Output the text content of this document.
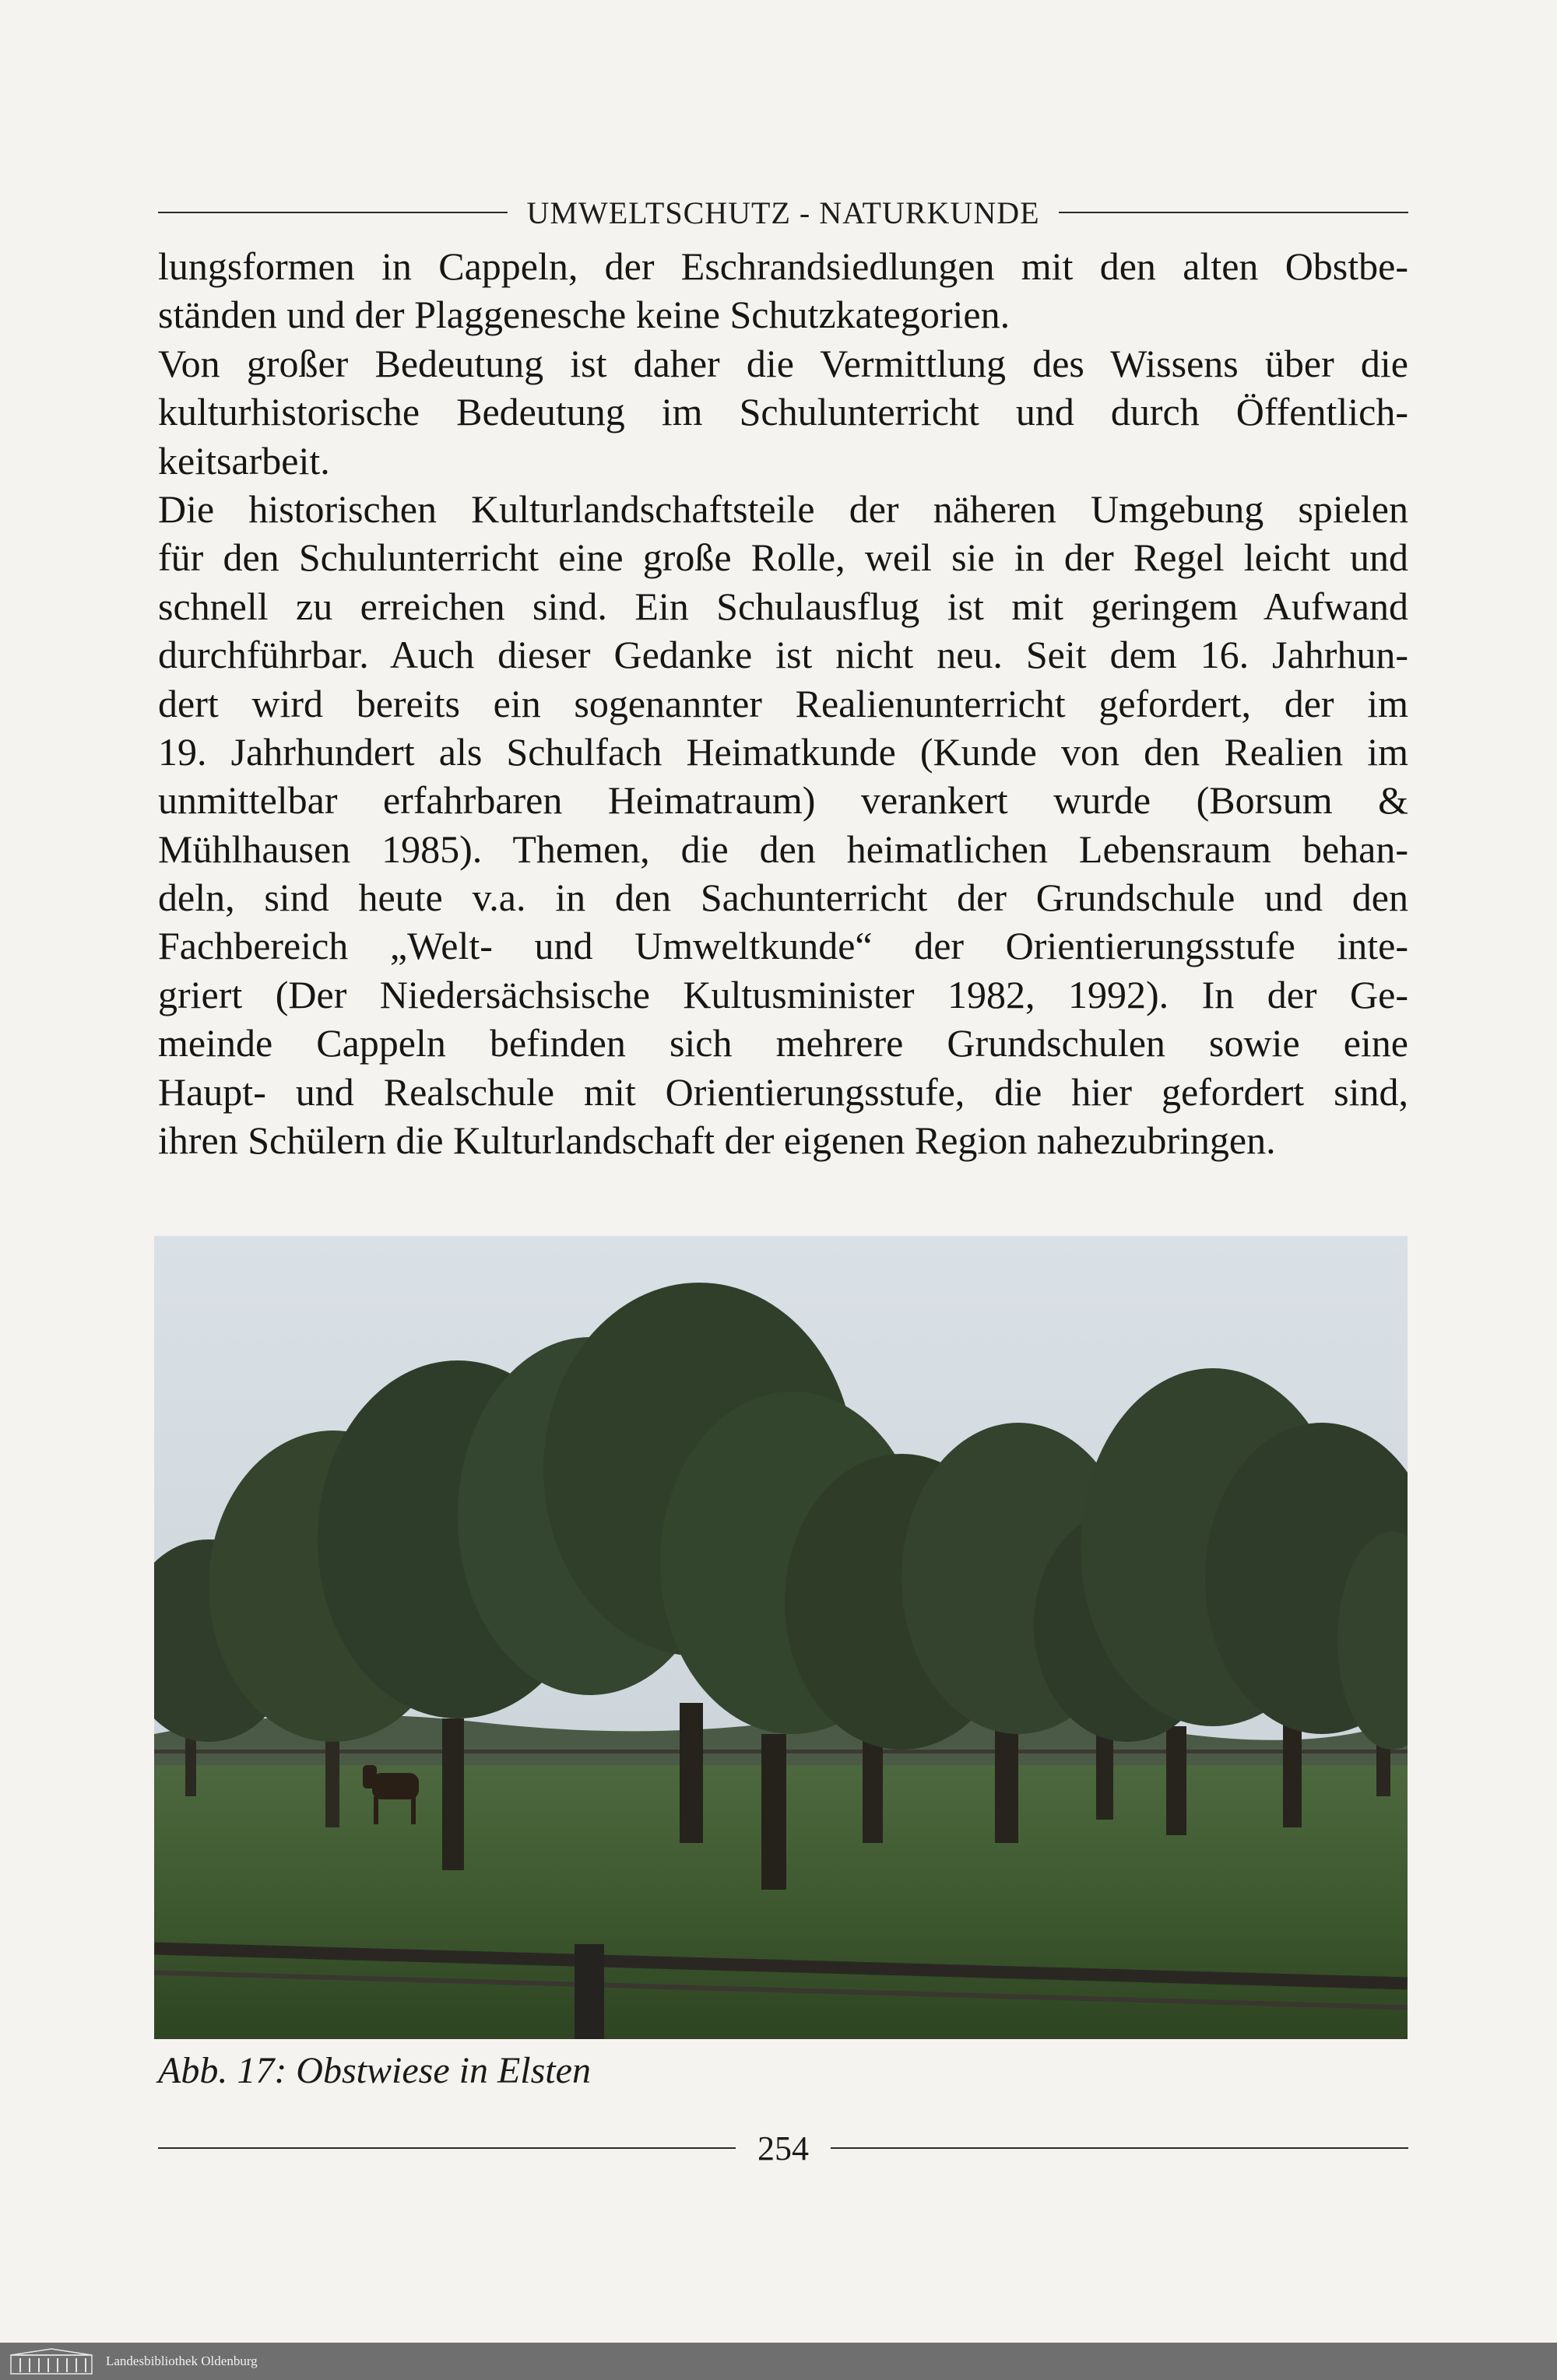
UMWELTSCHUTZ - NATURKUNDE
lungsformen in Cappeln, der Eschrandsiedlungen mit den alten Obstbe-
ständen und der Plaggenesche keine Schutzkategorien.
Von großer Bedeutung ist daher die Vermittlung des Wissens über die
kulturhistorische Bedeutung im Schulunterricht und durch Öffentlich-
keitsarbeit.
Die historischen Kulturlandschaftsteile der näheren Umgebung spielen
für den Schulunterricht eine große Rolle, weil sie in der Regel leicht und
schnell zu erreichen sind. Ein Schulausflug ist mit geringem Aufwand
durchführbar. Auch dieser Gedanke ist nicht neu. Seit dem 16. Jahrhun-
dert wird bereits ein sogenannter Realienunterricht gefordert, der im
19. Jahrhundert als Schulfach Heimatkunde (Kunde von den Realien im
unmittelbar erfahrbaren Heimatraum) verankert wurde (Borsum &
Mühlhausen 1985). Themen, die den heimatlichen Lebensraum behan-
deln, sind heute v.a. in den Sachunterricht der Grundschule und den
Fachbereich „Welt- und Umweltkunde“ der Orientierungsstufe inte-
griert (Der Niedersächsische Kultusminister 1982, 1992). In der Ge-
meinde Cappeln befinden sich mehrere Grundschulen sowie eine
Haupt- und Realschule mit Orientierungsstufe, die hier gefordert sind,
ihren Schülern die Kulturlandschaft der eigenen Region nahezubringen.
Abb. 17: Obstwiese in Elsten
254
Landesbibliothek Oldenburg
